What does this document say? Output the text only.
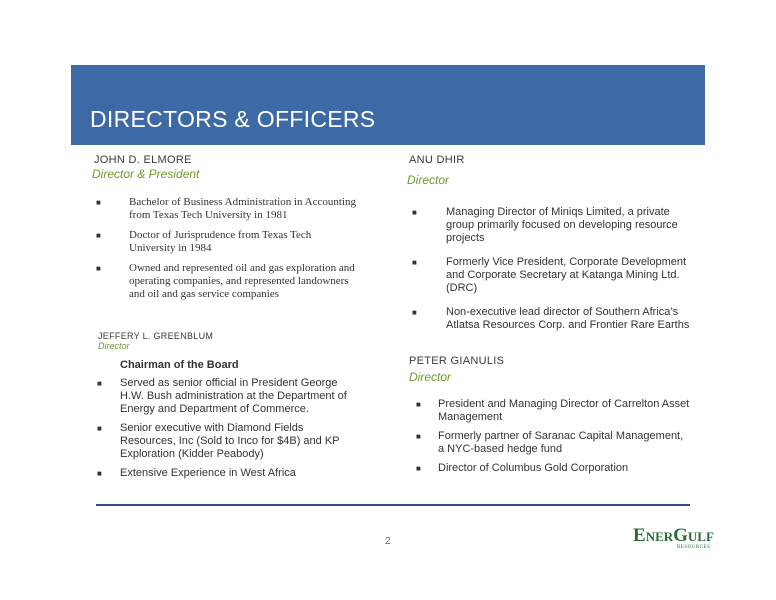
DIRECTORS & OFFICERS
JOHN D. ELMORE
Director & President
■	Bachelor of Business Administration in Accounting from Texas Tech University in 1981
■	Doctor of Jurisprudence from Texas Tech University in 1984
■	Owned and represented oil and gas exploration and operating companies, and represented landowners and oil and gas service companies
ANU DHIR
Director
■	Managing Director of Miniqs Limited, a private group primarily focused on developing resource projects
■	Formerly Vice President, Corporate Development and Corporate Secretary at Katanga Mining Ltd. (DRC)
■	Non-executive lead director of Southern Africa’s Atlatsa Resources Corp. and Frontier Rare Earths
JEFFERY L. GREENBLUM
Director
Chairman of the Board
■ Served as senior official in President George H.W. Bush administration at the Department of Energy and Department of Commerce.
■ Senior executive with Diamond Fields Resources, Inc (Sold to Inco for $4B) and KP Exploration (Kidder Peabody)
■ Extensive Experience in West Africa
PETER GIANULIS
Director
■ President and Managing Director of Carrelton Asset Management
■ Formerly partner of Saranac Capital Management, a NYC-based hedge fund
■ Director of Columbus Gold Corporation
2	ENERGULF
RESOURCES
